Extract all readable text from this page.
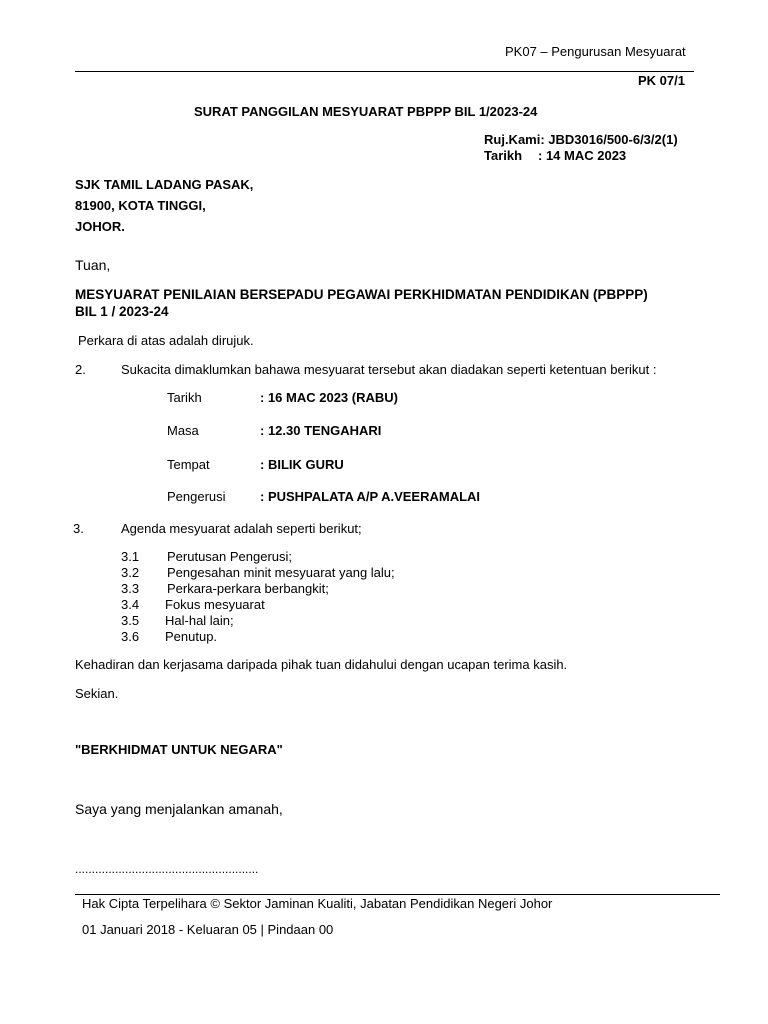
PK07 – Pengurusan Mesyuarat
PK 07/1
SURAT PANGGILAN MESYUARAT PBPPP BIL 1/2023-24
Ruj.Kami: JBD3016/500-6/3/2(1)
Tarikh : 14 MAC 2023
SJK TAMIL LADANG PASAK,
81900, KOTA TINGGI,
JOHOR.
Tuan,
MESYUARAT PENILAIAN BERSEPADU PEGAWAI PERKHIDMATAN PENDIDIKAN (PBPPP)
BIL 1 / 2023-24
Perkara di atas adalah dirujuk.
2.	Sukacita dimaklumkan bahawa mesyuarat tersebut akan diadakan seperti ketentuan berikut :
Tarikh	: 16 MAC 2023 (RABU)
Masa	: 12.30 TENGAHARI
Tempat	: BILIK GURU
Pengerusi	: PUSHPALATA A/P A.VEERAMALAI
3.	Agenda mesyuarat adalah seperti berikut;
3.1 Perutusan Pengerusi;
3.2 Pengesahan minit mesyuarat yang lalu;
3.3 Perkara-perkara berbangkit;
3.4 Fokus mesyuarat
3.5 Hal-hal lain;
3.6 Penutup.
Kehadiran dan kerjasama daripada pihak tuan didahului dengan ucapan terima kasih.
Sekian.
"BERKHIDMAT UNTUK NEGARA"
Saya yang menjalankan amanah,
.......................................................
Hak Cipta Terpelihara © Sektor Jaminan Kualiti, Jabatan Pendidikan Negeri Johor
01 Januari 2018 - Keluaran 05 | Pindaan 00
